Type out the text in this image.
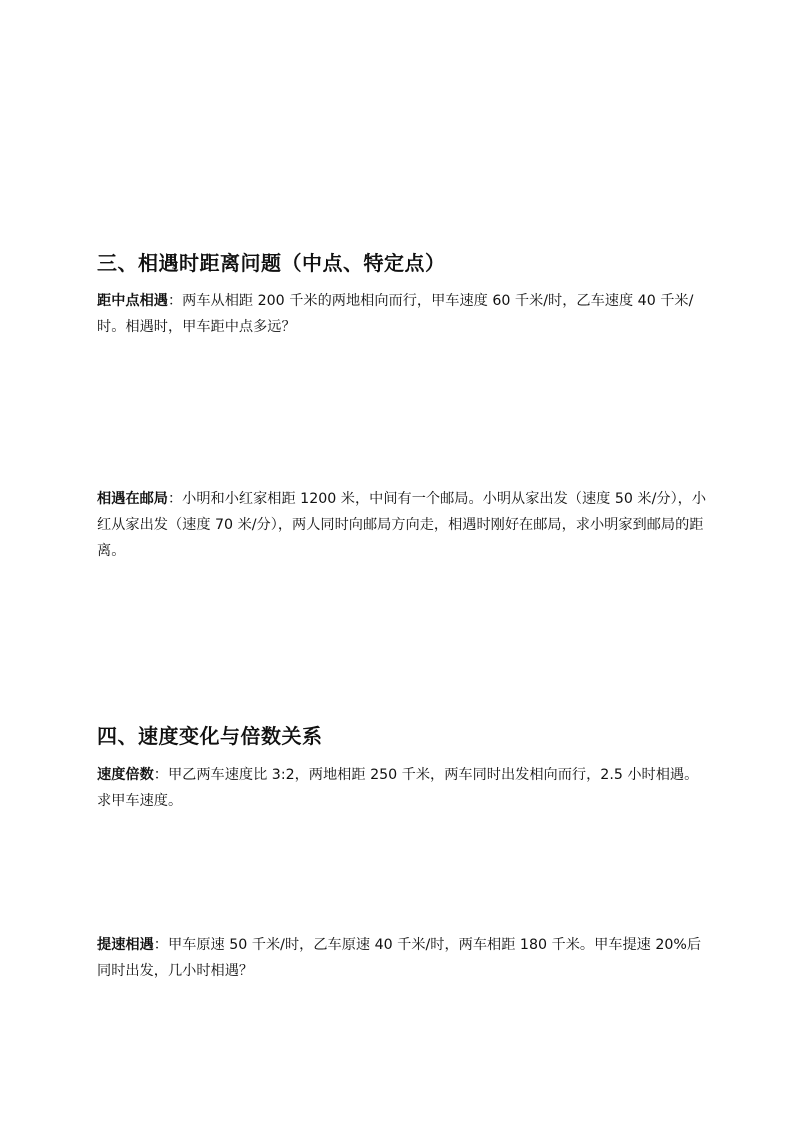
三、相遇时距离问题（中点、特定点）

距中点相遇：两车从相距 200 千米的两地相向而行，甲车速度 60 千米/时，乙车速度 40 千米/时。相遇时，甲车距中点多远？

相遇在邮局：小明和小红家相距 1200 米，中间有一个邮局。小明从家出发（速度 50 米/分），小红从家出发（速度 70 米/分），两人同时向邮局方向走，相遇时刚好在邮局，求小明家到邮局的距离。

四、速度变化与倍数关系

速度倍数：甲乙两车速度比 3:2，两地相距 250 千米，两车同时出发相向而行，2.5 小时相遇。求甲车速度。

提速相遇：甲车原速 50 千米/时，乙车原速 40 千米/时，两车相距 180 千米。甲车提速 20%后同时出发，几小时相遇？
